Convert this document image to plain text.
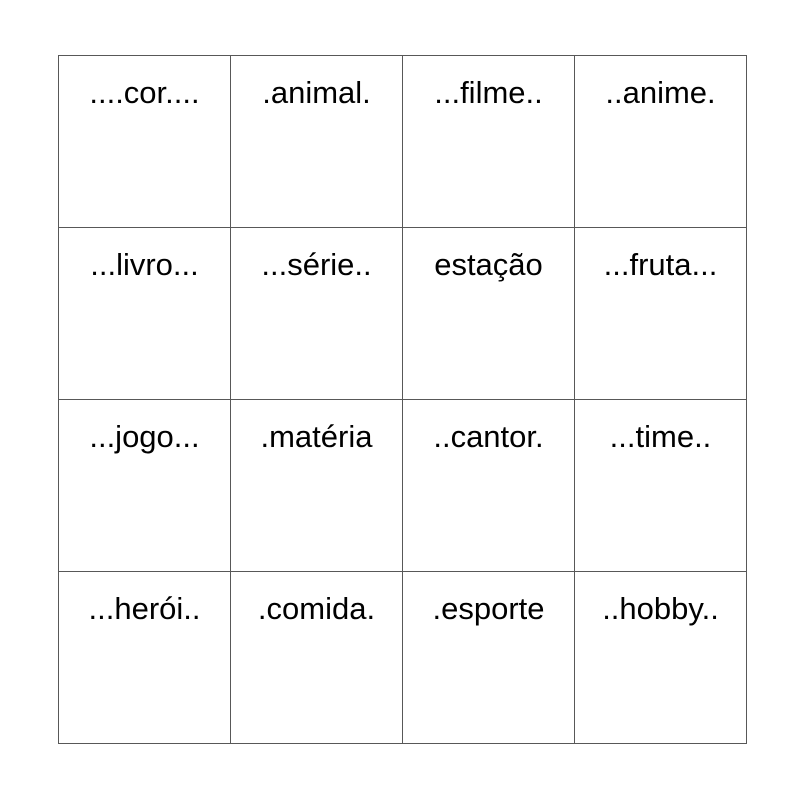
....cor....	.animal.	...filme..	..anime.

...livro...	...série..	estação	...fruta...

...jogo...	.matéria	..cantor.	...time..

...herói..	.comida.	.esporte	..hobby..
